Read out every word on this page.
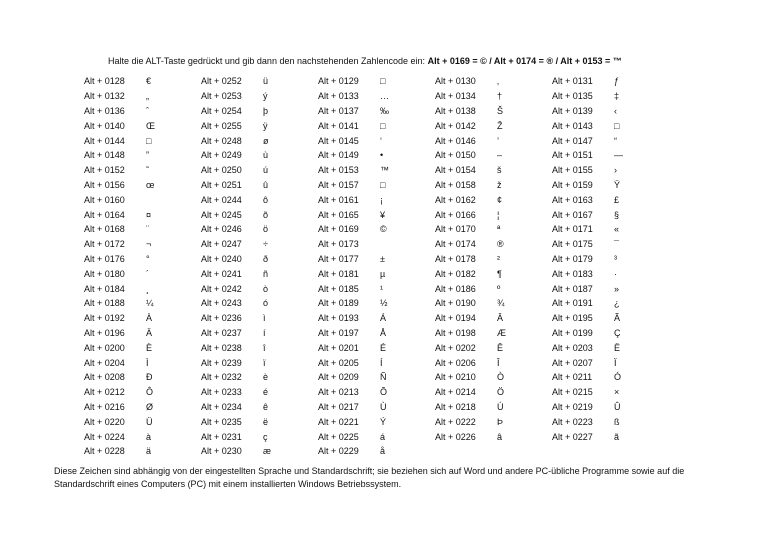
Halte die ALT-Taste gedrückt und gib dann den nachstehenden Zahlencode ein: Alt + 0169 = © / Alt + 0174 = ® / Alt + 0153 = ™
Alt + 0128 €	Alt + 0252 ü	Alt + 0129 □	Alt + 0130 ‚	Alt + 0131 ƒ
Alt + 0132 „	Alt + 0253 ý	Alt + 0133 …	Alt + 0134 †	Alt + 0135 ‡
Alt + 0136 ˆ	Alt + 0254 þ	Alt + 0137 ‰	Alt + 0138 Š	Alt + 0139 ‹
Alt + 0140 Œ	Alt + 0255 ÿ	Alt + 0141 □	Alt + 0142 Ž	Alt + 0143 □
Alt + 0144 □	Alt + 0248 ø	Alt + 0145 ‘	Alt + 0146 ’	Alt + 0147 “
Alt + 0148 ”	Alt + 0249 ù	Alt + 0149 •	Alt + 0150 –	Alt + 0151 —
Alt + 0152 ˜	Alt + 0250 ú	Alt + 0153 ™	Alt + 0154 š	Alt + 0155 ›
Alt + 0156 œ	Alt + 0251 û	Alt + 0157 □	Alt + 0158 ž	Alt + 0159 Ÿ
Alt + 0160	Alt + 0244 ô	Alt + 0161 ¡	Alt + 0162 ¢	Alt + 0163 £
Alt + 0164 ¤	Alt + 0245 õ	Alt + 0165 ¥	Alt + 0166 ¦	Alt + 0167 §
Alt + 0168 ¨	Alt + 0246 ö	Alt + 0169 ©	Alt + 0170 ª	Alt + 0171 «
Alt + 0172 ¬	Alt + 0247 ÷	Alt + 0173	Alt + 0174 ®	Alt + 0175 ¯
Alt + 0176 °	Alt + 0240 ð	Alt + 0177 ±	Alt + 0178 ²	Alt + 0179 ³
Alt + 0180 ´	Alt + 0241 ñ	Alt + 0181 µ	Alt + 0182 ¶	Alt + 0183 ·
Alt + 0184 ¸	Alt + 0242 ò	Alt + 0185 ¹	Alt + 0186 º	Alt + 0187 »
Alt + 0188 ¼	Alt + 0243 ó	Alt + 0189 ½	Alt + 0190 ¾	Alt + 0191 ¿
Alt + 0192 À	Alt + 0236 ì	Alt + 0193 Á	Alt + 0194 Â	Alt + 0195 Ã
Alt + 0196 Ä	Alt + 0237 í	Alt + 0197 Å	Alt + 0198 Æ	Alt + 0199 Ç
Alt + 0200 È	Alt + 0238 î	Alt + 0201 É	Alt + 0202 Ê	Alt + 0203 Ë
Alt + 0204 Ì	Alt + 0239 ï	Alt + 0205 Í	Alt + 0206 Î	Alt + 0207 Ï
Alt + 0208 Ð	Alt + 0232 è	Alt + 0209 Ñ	Alt + 0210 Ò	Alt + 0211 Ó
Alt + 0212 Ô	Alt + 0233 é	Alt + 0213 Õ	Alt + 0214 Ö	Alt + 0215 ×
Alt + 0216 Ø	Alt + 0234 ê	Alt + 0217 Ù	Alt + 0218 Ú	Alt + 0219 Û
Alt + 0220 Ü	Alt + 0235 ë	Alt + 0221 Ý	Alt + 0222 Þ	Alt + 0223 ß
Alt + 0224 à	Alt + 0231 ç	Alt + 0225 á	Alt + 0226 â	Alt + 0227 ã
Alt + 0228 ä	Alt + 0230 æ	Alt + 0229 å
Diese Zeichen sind abhängig von der eingestellten Sprache und Standardschrift; sie beziehen sich auf Word und andere PC-übliche Programme sowie auf die
Standardschrift eines Computers (PC) mit einem installierten Windows Betriebssystem.
